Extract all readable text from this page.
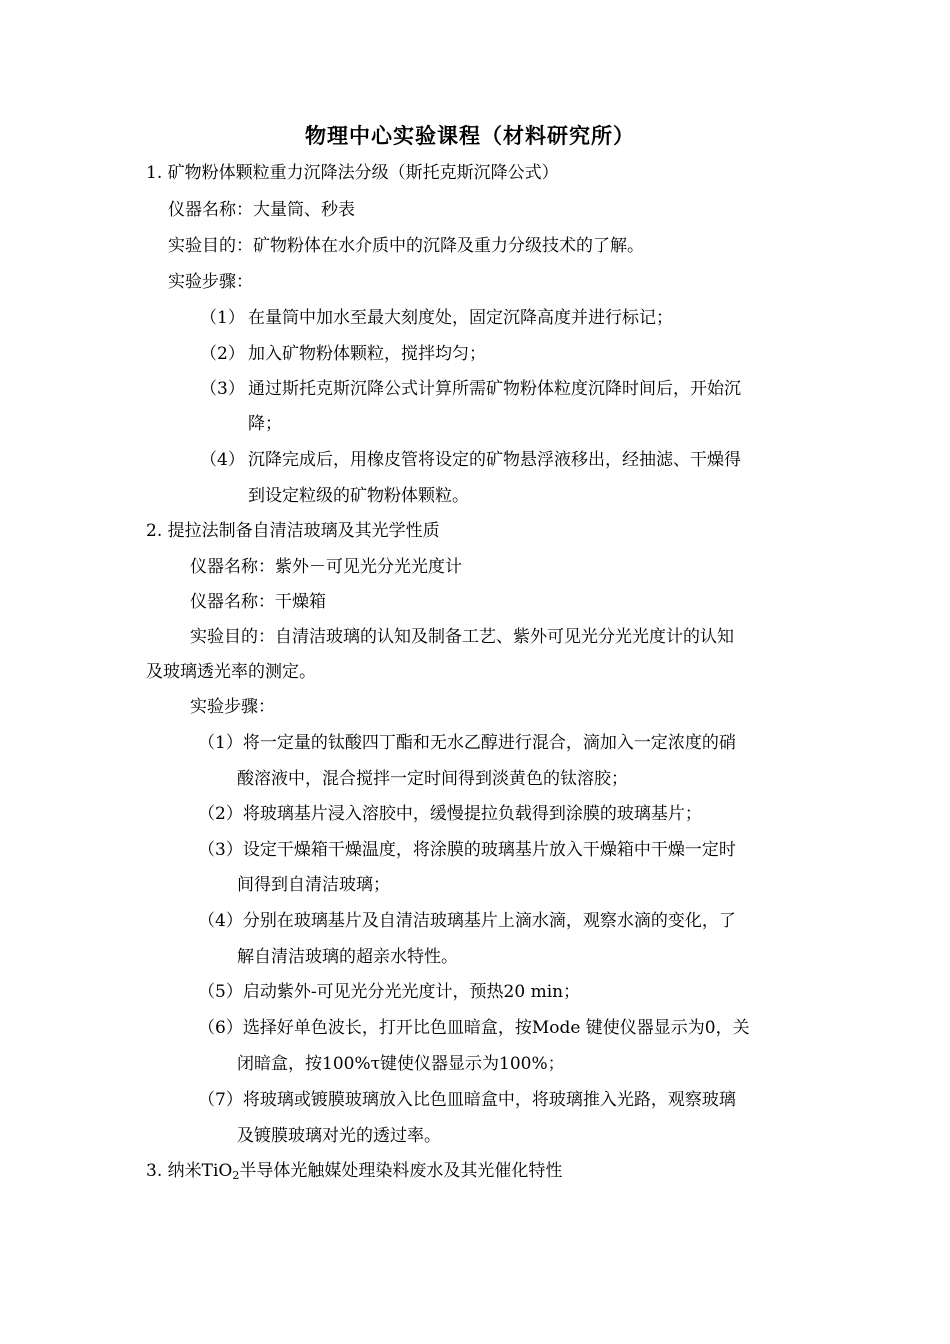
物理中心实验课程（材料研究所）
1. 矿物粉体颗粒重力沉降法分级（斯托克斯沉降公式）
仪器名称：大量筒、秒表
实验目的：矿物粉体在水介质中的沉降及重力分级技术的了解。
实验步骤：
（1） 在量筒中加水至最大刻度处，固定沉降高度并进行标记；
（2） 加入矿物粉体颗粒，搅拌均匀；
（3） 通过斯托克斯沉降公式计算所需矿物粉体粒度沉降时间后，开始沉
降；
（4） 沉降完成后，用橡皮管将设定的矿物悬浮液移出，经抽滤、干燥得
到设定粒级的矿物粉体颗粒。
2. 提拉法制备自清洁玻璃及其光学性质
仪器名称：紫外－可见光分光光度计
仪器名称：干燥箱
实验目的：自清洁玻璃的认知及制备工艺、紫外可见光分光光度计的认知
及玻璃透光率的测定。
实验步骤：
（1）将一定量的钛酸四丁酯和无水乙醇进行混合，滴加入一定浓度的硝
酸溶液中，混合搅拌一定时间得到淡黄色的钛溶胶；
（2）将玻璃基片浸入溶胶中，缓慢提拉负载得到涂膜的玻璃基片；
（3）设定干燥箱干燥温度，将涂膜的玻璃基片放入干燥箱中干燥一定时
间得到自清洁玻璃；
（4）分别在玻璃基片及自清洁玻璃基片上滴水滴，观察水滴的变化，了
解自清洁玻璃的超亲水特性。
（5）启动紫外-可见光分光光度计，预热20 min；
（6）选择好单色波长，打开比色皿暗盒，按Mode 键使仪器显示为0，关
闭暗盒，按100%τ键使仪器显示为100%；
（7）将玻璃或镀膜玻璃放入比色皿暗盒中，将玻璃推入光路，观察玻璃
及镀膜玻璃对光的透过率。
3. 纳米TiO$_2$半导体光触媒处理染料废水及其光催化特性
